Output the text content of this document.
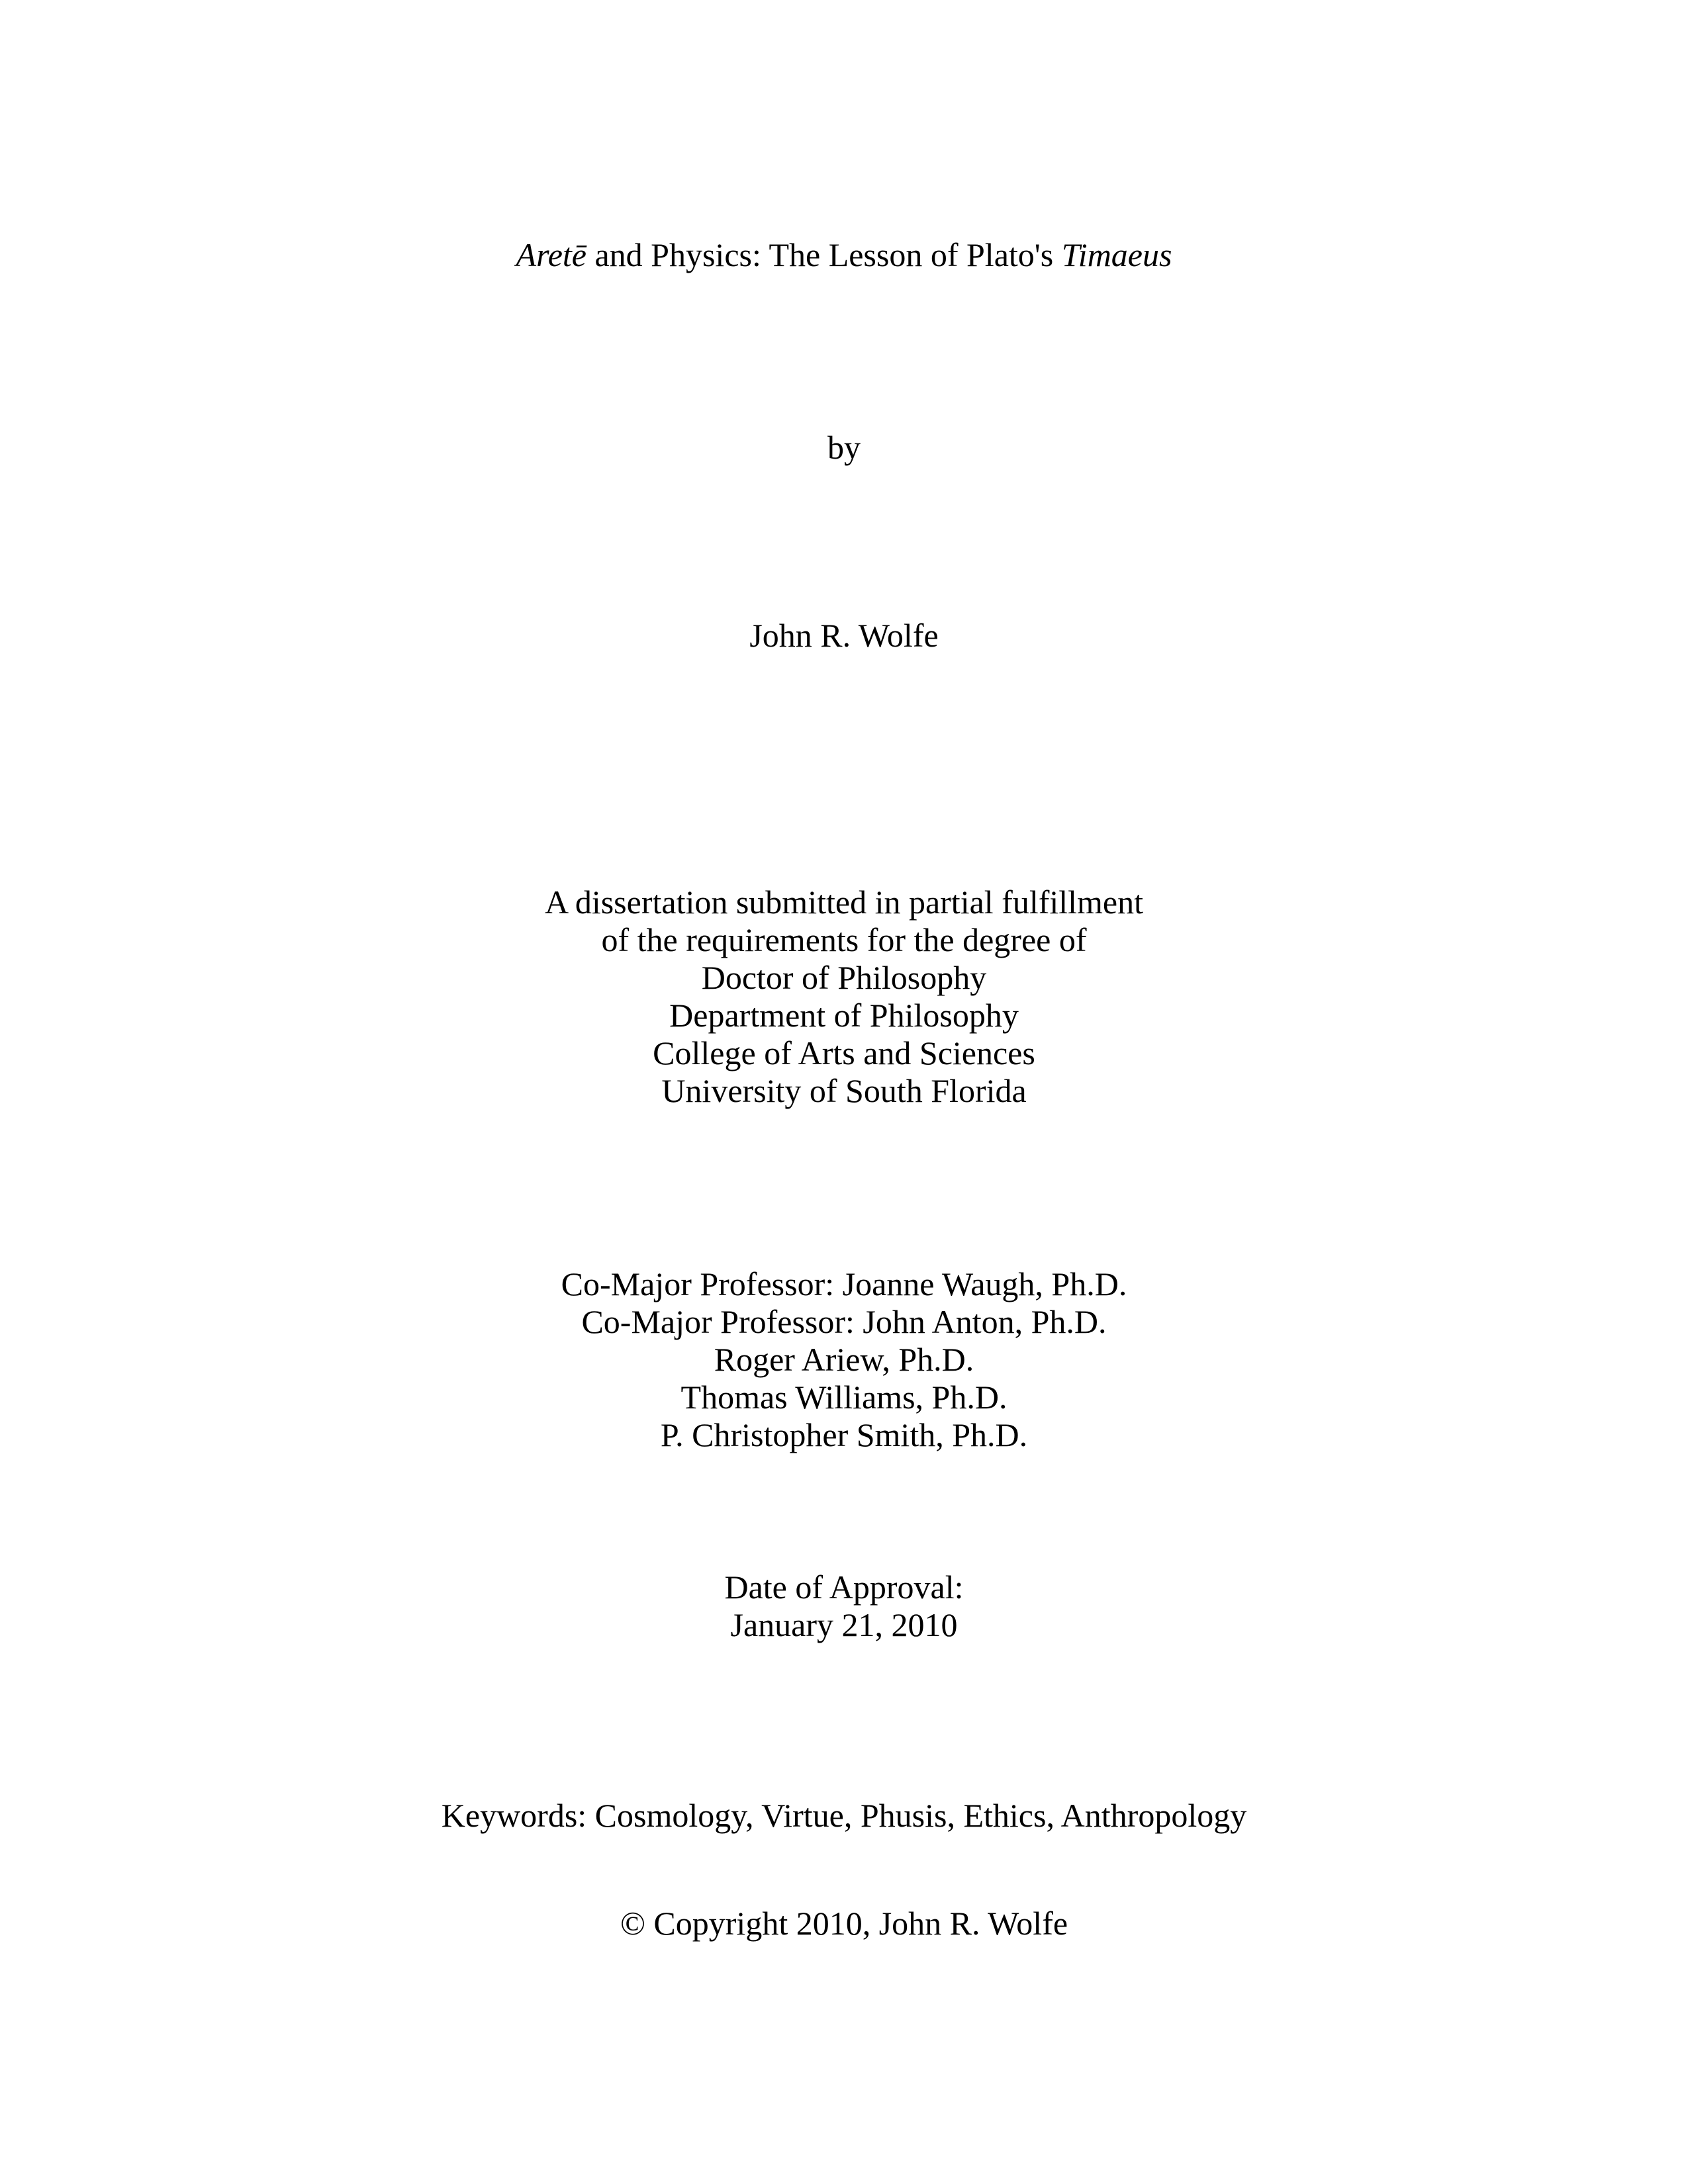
Aretē and Physics: The Lesson of Plato's Timaeus
by
John R. Wolfe
A dissertation submitted in partial fulfillment
of the requirements for the degree of
Doctor of Philosophy
Department of Philosophy
College of Arts and Sciences
University of South Florida
Co-Major Professor: Joanne Waugh, Ph.D.
Co-Major Professor: John Anton, Ph.D.
Roger Ariew, Ph.D.
Thomas Williams, Ph.D.
P. Christopher Smith, Ph.D.
Date of Approval:
January 21, 2010
Keywords: Cosmology, Virtue, Phusis, Ethics, Anthropology
© Copyright 2010, John R. Wolfe
